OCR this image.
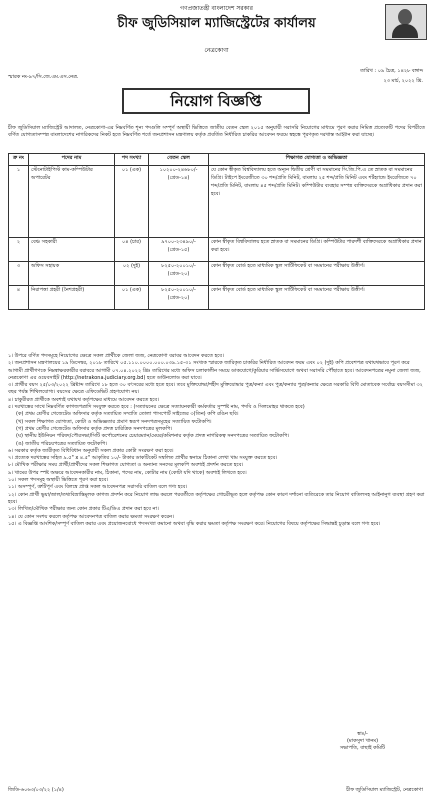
গণপ্রজাতন্ত্রী বাংলাদেশ সরকার
চীফ জুডিসিয়াল ম্যাজিস্ট্রেটের কার্যালয়
নেত্রকোণা
স্মারক নং-৯৭/সি.জে.এম.এস.নেত্র.
তারিখ : ০৯ চৈত্র, ১৪২৮ বঙ্গাব্দ
২৩ মার্চ, ২০২২ খ্রি.
নিয়োগ বিজ্ঞপ্তি
চীফ জুডিসিয়াল ম্যাজিস্ট্রেট আদালত, নেত্রকোণা-এর নিম্নবর্ণিত শূন্য পদগুলি সম্পূর্ণ অস্থায়ী ভিত্তিতে জাতীয় বেতন স্কেল ২০১৫ অনুযায়ী সরাসরি নিয়োগের মাধ্যমে পূরণ করার নিমিত্ত প্রত্যেকটি পদের বিপরীতে বর্ণিত যোগ্যতাসম্পন্ন বাংলাদেশের নাগরিকদের নিকট হতে নিম্নবর্ণিত শর্তে জনপ্রশাসন মন্ত্রণালয় কর্তৃক প্রবর্তিত নির্ধারিত চাকরির আবেদন ফরমে স্বহস্তে পূরণকৃত দরখাস্ত আহ্বান করা যাচ্ছে।
ক্র নং	পদের নাম	পদ সংখ্যা	বেতন স্কেল	শিক্ষাগত যোগ্যতা ও অভিজ্ঞতা
১	স্টেনোটাইপিস্ট কাম-কম্পিউটার অপারেটর	০১ (এক)	১০২০০-২৪৬৮০/- (গ্রেড-১৪)	যে কোন স্বীকৃত বিশ্ববিদ্যালয় হতে অন্যূন দ্বিতীয় শ্রেণী বা সমমানের সি.জি.পি.এ তে স্নাতক বা সমমানের ডিগ্রি। টাইপে ইংরেজীতে ৩০ শব্দ/প্রতি মিনিট, বাংলায় ২৫ শব্দ/প্রতি মিনিট এবং শর্টহ্যান্ডে ইংরেজিতে ৭০ শব্দ/প্রতি মিনিট, বাংলায় ৪৫ শব্দ/প্রতি মিনিট। কম্পিউটার ব্যবহার সম্পন্ন ব্যক্তিদেরকে অগ্রাধিকার প্রদান করা হবে।
২	বেঞ্চ সহকারী	০৪ (চার)	৯৭০০-২৩৪৯০/- (গ্রেড-১৫)	কোন স্বীকৃত বিশ্ববিদ্যালয় হতে স্নাতক বা সমমানের ডিগ্রি। কম্পিউটার পারদর্শী ব্যক্তিদেরকে অগ্রাধিকার প্রদান করা হবে।
৩	অফিস সহায়ক	০২ (দুই)	৮২৫০-২০০১০/- (গ্রেড-২০)	কোন স্বীকৃত বোর্ড হতে মাধ্যমিক স্কুল সার্টিফিকেট বা সমমানের পরীক্ষায় উত্তীর্ণ।
৪	নিরাপত্তা প্রহরী (নৈশপ্রহরী)	০১ (এক)	৮২৫০-২০০১০/- (গ্রেড-২০)	কোন স্বীকৃত বোর্ড হতে মাধ্যমিক স্কুল সার্টিফিকেট বা সমমানের পরীক্ষায় উত্তীর্ণ।

১। উপরে বর্ণিত পদসমূহে নিয়োগের ক্ষেত্রে সকল প্রার্থীকে জেলা জজ, নেত্রকোণা বরাবর আবেদন করতে হবে।

২। জনপ্রশাসন মন্ত্রণালয়ের ১৯ ডিসেম্বর, ২০১৮ তারিখে ০৫.১১০.০০০০.০০০.০৩৯.১৫-৩১ সংখ্যক স্মারকে জারিকৃত চাকরির নির্ধারিত আবেদন ফরম এবং ০২ (দুই) কপি প্রবেশপত্র যথাযথভাবে পূরণ করে আগামী প্রার্থীগণকে নিম্নস্বাক্ষরকারীর বরাবরে আগামী ০৭.০৪.২০২২ খ্রিঃ তারিখের মধ্যে অফিস চলাকালীন সময়ে ডাকযোগে/কুরিয়ার সার্ভিসযোগে অথবা সরাসরি পৌঁছাতে হবে। আবেদনপত্রের নমুনা জেলা জজ, নেত্রকোণা এর ওয়েবসাইট (http://netrakona.judiciary.org.bd) হতে ডাউনলোড করা যাবে।

৩। প্রার্থীর বয়স ২৫/০৩/২০২২ খ্রিষ্টাব্দ তারিখে ১৮ হতে ৩০ বৎসরের মধ্যে হতে হবে। তবে মুক্তিযোদ্ধা/শহীদ মুক্তিযোদ্ধার পুত্র/কন্যা এবং পুত্র/কন্যার পুত্র/কন্যার ক্ষেত্রে সরকারি বিধি মোতাবেক সর্বোচ্চ বয়সসীমা ৩২ বছর পর্যন্ত শিথিলযোগ্য। বয়সের ক্ষেত্রে এফিডেভিট গ্রহণযোগ্য নয়।

৪। চাকুরীরত প্রার্থীকে অবশ্যই যথাযথ কর্তৃপক্ষের মাধ্যমে আবেদন করতে হবে।

৫। দরখাস্তের সাথে নিম্নবর্ণিত কাগজপত্রাদি সংযুক্ত করতে হবে : (সত্যায়নের ক্ষেত্রে সত্যায়নকারী কর্মকর্তার সুস্পষ্ট নাম, পদবি ও সিলমোহর থাকতে হবে)

(ক) প্রথম শ্রেণীর গেজেটেড অফিসার কর্তৃক সত্যায়িত সম্প্রতি তোলা পাসপোর্ট সাইজের ৩(তিন) কপি রঙিন ছবি।

(খ) সকল শিক্ষাগত যোগ্যতা, কোটা ও অভিজ্ঞতার প্রমাণ স্বরূপ সনদপত্রসমূহের সত্যায়িত ফটোকপি।

(গ) প্রথম শ্রেণীর গেজেটেড অফিসার কর্তৃক প্রদত্ত চারিত্রিক সনদপত্রের মূলকপি।

(ঘ) স্থানীয় ইউনিয়ন পরিষদ/পৌরসভা/সিটি কর্পোরেশনের চেয়ারম্যান/মেয়র/কমিশনার কর্তৃক প্রদত্ত নাগরিকত্ব সনদপত্রের সত্যায়িত ফটোকপি।

(ঙ) জাতীয় পরিচয়পত্রের সত্যায়িত ফটোকপি।

৬। সরকার কর্তৃক জারীকৃত বিধিবিধান অনুযায়ী সকল প্রকার কোটা সংরক্ষণ করা হবে।

৭। প্রত্যেক দরখাস্তের সহিত ৯.৫" x ৪.৫" আকৃতির ১০/- টাকার ডাকটিকেট সম্বলিত প্রার্থীর স্বনামে ঠিকানা লেখা খাম সংযুক্ত করতে হবে।

৮। মৌখিক পরীক্ষার সময় প্রার্থী/প্রার্থীদের সকল শিক্ষাগত যোগ্যতা ও অন্যান্য সনদের মূলকপি অবশ্যই প্রদর্শন করতে হবে।

৯। খামের উপর স্পষ্ট অক্ষরে আবেদনকারীর নাম, ঠিকানা, পদের নাম, কোটার নাম (কোটা যদি থাকে) অবশ্যই লিখতে হবে।

১০। সকল পদসমূহ অস্থায়ী ভিত্তিতে পূরণ করা হবে।

১১। অসম্পূর্ণ, ত্রুটিপূর্ণ এবং বিলম্বে প্রাপ্ত সকল আবেদনপত্র সরাসরি বাতিল বলে গণ্য হবে।

১২। কোন প্রার্থী ভুয়া/জাল/তথ্যবিভ্রান্তিমূলক কাগজ প্রদর্শন করে নিয়োগ লাভ করলে পরবর্তীতে কর্তৃপক্ষের গোচরীভূত হলে কর্তৃপক্ষ কোন কারণ দর্শানো ব্যতিরেকে তার নিয়োগ বাতিলসহ আইনানুগ ব্যবস্থা গ্রহণ করা হবে।

১৩। লিখিত/মৌখিক পরীক্ষার জন্য কোন প্রকার টিএ/ডিএ প্রদান করা হবে না।

১৪। যে কোন সংশয় করলে কর্তৃপক্ষ আবেদনপত্র বাতিল করার ক্ষমতা সংরক্ষণ করেন।

১৫। এ বিজ্ঞপ্তি আংশিক/সম্পূর্ণ বাতিল করার এবং প্রয়োজনবোধে পদসংখ্যা কমানো অথবা বৃদ্ধি করার ক্ষমতা কর্তৃপক্ষ সংরক্ষণ করে। নিয়োগের বিষয়ে কর্তৃপক্ষের সিদ্ধান্তই চূড়ান্ত বলে গণ্য হবে।

স্বাঃ/-
(মাকসুদা খানম)
সভাপতি, বাছাই কমিটি
জিডি-৬০৬৩/০৩/২২ (১/৪)	চীফ জুডিসিয়াল ম্যাজিস্ট্রেট, নেত্রকোণা
